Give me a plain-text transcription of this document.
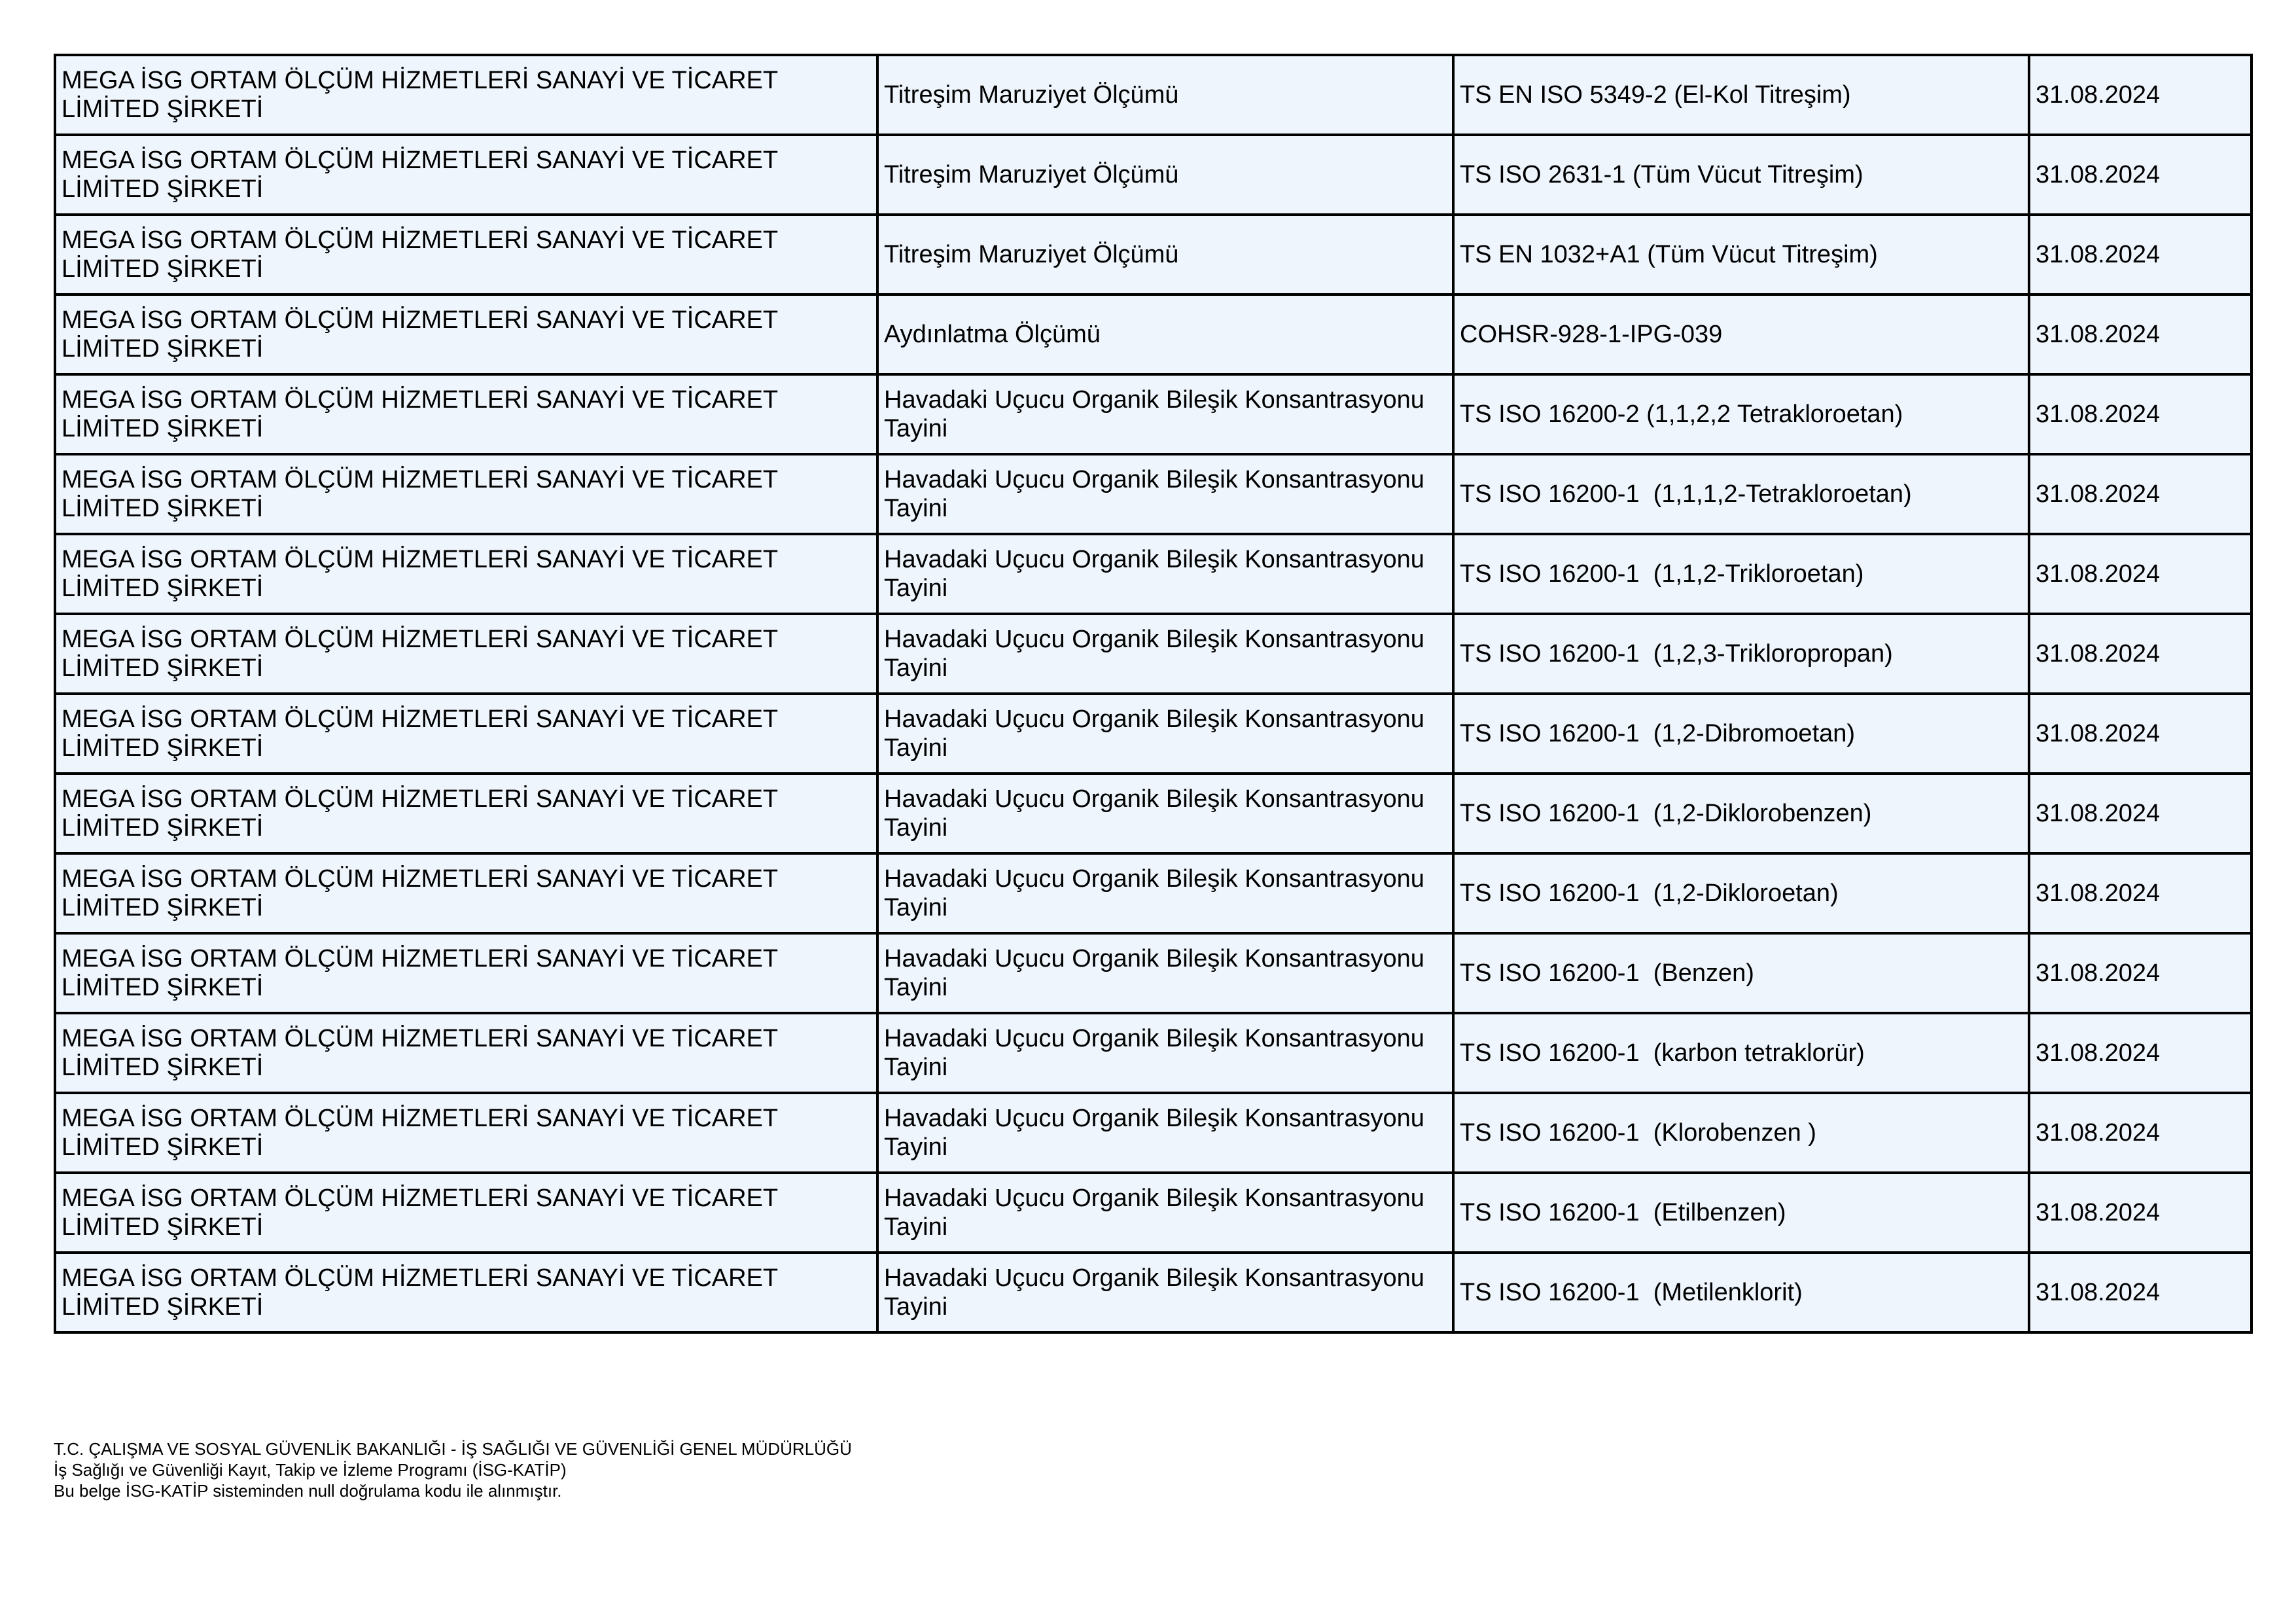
MEGA İSG ORTAM ÖLÇÜM HİZMETLERİ SANAYİ VE TİCARET LİMİTED ŞİRKETİ	Titreşim Maruziyet Ölçümü	TS EN ISO 5349-2 (El-Kol Titreşim)	31.08.2024

MEGA İSG ORTAM ÖLÇÜM HİZMETLERİ SANAYİ VE TİCARET LİMİTED ŞİRKETİ	Titreşim Maruziyet Ölçümü	TS ISO 2631-1 (Tüm Vücut Titreşim)	31.08.2024

MEGA İSG ORTAM ÖLÇÜM HİZMETLERİ SANAYİ VE TİCARET LİMİTED ŞİRKETİ	Titreşim Maruziyet Ölçümü	TS EN 1032+A1 (Tüm Vücut Titreşim)	31.08.2024

MEGA İSG ORTAM ÖLÇÜM HİZMETLERİ SANAYİ VE TİCARET LİMİTED ŞİRKETİ	Aydınlatma Ölçümü	COHSR-928-1-IPG-039	31.08.2024

MEGA İSG ORTAM ÖLÇÜM HİZMETLERİ SANAYİ VE TİCARET LİMİTED ŞİRKETİ	Havadaki Uçucu Organik Bileşik Konsantrasyonu Tayini	TS ISO 16200-2 (1,1,2,2 Tetrakloroetan)	31.08.2024

MEGA İSG ORTAM ÖLÇÜM HİZMETLERİ SANAYİ VE TİCARET LİMİTED ŞİRKETİ	Havadaki Uçucu Organik Bileşik Konsantrasyonu Tayini	TS ISO 16200-1  (1,1,1,2-Tetrakloroetan)	31.08.2024

MEGA İSG ORTAM ÖLÇÜM HİZMETLERİ SANAYİ VE TİCARET LİMİTED ŞİRKETİ	Havadaki Uçucu Organik Bileşik Konsantrasyonu Tayini	TS ISO 16200-1  (1,1,2-Trikloroetan)	31.08.2024

MEGA İSG ORTAM ÖLÇÜM HİZMETLERİ SANAYİ VE TİCARET LİMİTED ŞİRKETİ	Havadaki Uçucu Organik Bileşik Konsantrasyonu Tayini	TS ISO 16200-1  (1,2,3-Trikloropropan)	31.08.2024

MEGA İSG ORTAM ÖLÇÜM HİZMETLERİ SANAYİ VE TİCARET LİMİTED ŞİRKETİ	Havadaki Uçucu Organik Bileşik Konsantrasyonu Tayini	TS ISO 16200-1  (1,2-Dibromoetan)	31.08.2024

MEGA İSG ORTAM ÖLÇÜM HİZMETLERİ SANAYİ VE TİCARET LİMİTED ŞİRKETİ	Havadaki Uçucu Organik Bileşik Konsantrasyonu Tayini	TS ISO 16200-1  (1,2-Diklorobenzen)	31.08.2024

MEGA İSG ORTAM ÖLÇÜM HİZMETLERİ SANAYİ VE TİCARET LİMİTED ŞİRKETİ	Havadaki Uçucu Organik Bileşik Konsantrasyonu Tayini	TS ISO 16200-1  (1,2-Dikloroetan)	31.08.2024

MEGA İSG ORTAM ÖLÇÜM HİZMETLERİ SANAYİ VE TİCARET LİMİTED ŞİRKETİ	Havadaki Uçucu Organik Bileşik Konsantrasyonu Tayini	TS ISO 16200-1  (Benzen)	31.08.2024

MEGA İSG ORTAM ÖLÇÜM HİZMETLERİ SANAYİ VE TİCARET LİMİTED ŞİRKETİ	Havadaki Uçucu Organik Bileşik Konsantrasyonu Tayini	TS ISO 16200-1  (karbon tetraklorür)	31.08.2024

MEGA İSG ORTAM ÖLÇÜM HİZMETLERİ SANAYİ VE TİCARET LİMİTED ŞİRKETİ	Havadaki Uçucu Organik Bileşik Konsantrasyonu Tayini	TS ISO 16200-1  (Klorobenzen )	31.08.2024

MEGA İSG ORTAM ÖLÇÜM HİZMETLERİ SANAYİ VE TİCARET LİMİTED ŞİRKETİ	Havadaki Uçucu Organik Bileşik Konsantrasyonu Tayini	TS ISO 16200-1  (Etilbenzen)	31.08.2024

MEGA İSG ORTAM ÖLÇÜM HİZMETLERİ SANAYİ VE TİCARET LİMİTED ŞİRKETİ	Havadaki Uçucu Organik Bileşik Konsantrasyonu Tayini	TS ISO 16200-1  (Metilenklorit)	31.08.2024
T.C. ÇALIŞMA VE SOSYAL GÜVENLİK BAKANLIĞI - İŞ SAĞLIĞI VE GÜVENLİĞİ GENEL MÜDÜRLÜĞÜ
İş Sağlığı ve Güvenliği Kayıt, Takip ve İzleme Programı (İSG-KATİP)
Bu belge İSG-KATİP sisteminden null doğrulama kodu ile alınmıştır.
